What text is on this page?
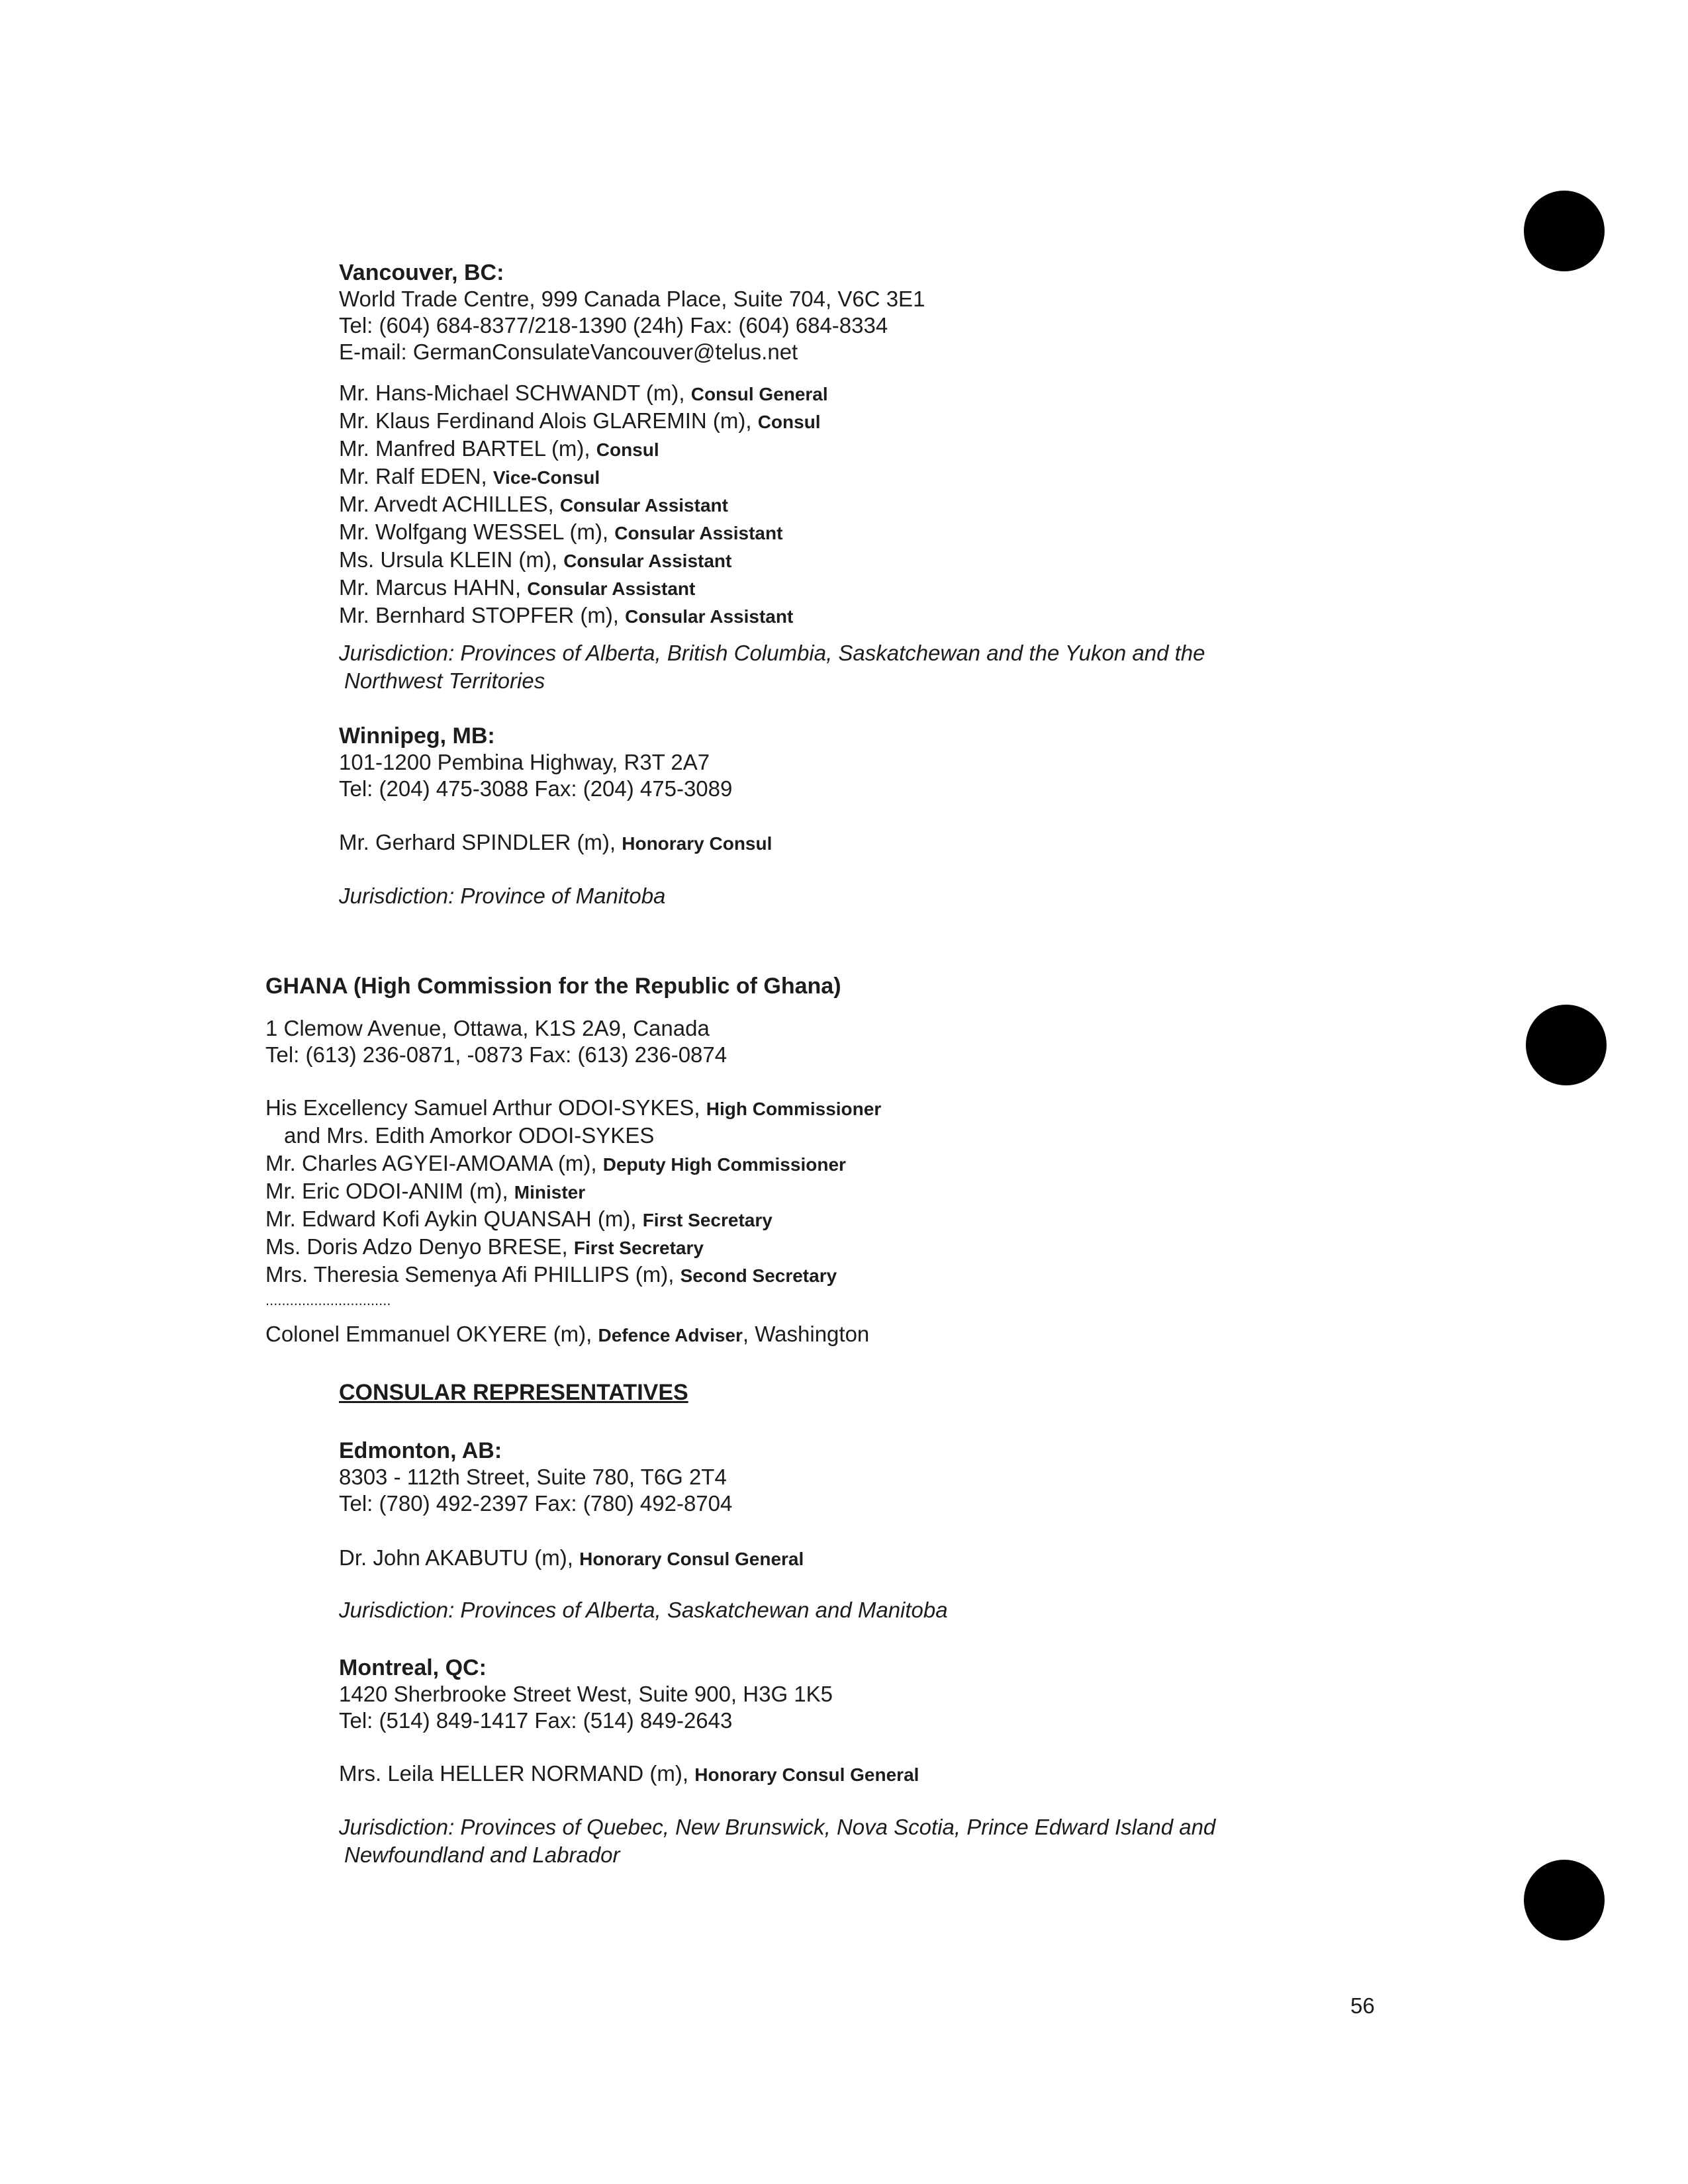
Vancouver, BC:
World Trade Centre, 999 Canada Place, Suite 704, V6C 3E1
Tel: (604) 684-8377/218-1390 (24h) Fax: (604) 684-8334
E-mail: GermanConsulateVancouver@telus.net
Mr. Hans-Michael SCHWANDT (m), Consul General
Mr. Klaus Ferdinand Alois GLAREMIN (m), Consul
Mr. Manfred BARTEL (m), Consul
Mr. Ralf EDEN, Vice-Consul
Mr. Arvedt ACHILLES, Consular Assistant
Mr. Wolfgang WESSEL (m), Consular Assistant
Ms. Ursula KLEIN (m), Consular Assistant
Mr. Marcus HAHN, Consular Assistant
Mr. Bernhard STOPFER (m), Consular Assistant
Jurisdiction: Provinces of Alberta, British Columbia, Saskatchewan and the Yukon and the
Northwest Territories
Winnipeg, MB:
101-1200 Pembina Highway, R3T 2A7
Tel: (204) 475-3088 Fax: (204) 475-3089
Mr. Gerhard SPINDLER (m), Honorary Consul
Jurisdiction: Province of Manitoba
GHANA (High Commission for the Republic of Ghana)
1 Clemow Avenue, Ottawa, K1S 2A9, Canada
Tel: (613) 236-0871, -0873 Fax: (613) 236-0874
His Excellency Samuel Arthur ODOI-SYKES, High Commissioner
and Mrs. Edith Amorkor ODOI-SYKES
Mr. Charles AGYEI-AMOAMA (m), Deputy High Commissioner
Mr. Eric ODOI-ANIM (m), Minister
Mr. Edward Kofi Aykin QUANSAH (m), First Secretary
Ms. Doris Adzo Denyo BRESE, First Secretary
Mrs. Theresia Semenya Afi PHILLIPS (m), Second Secretary
...............................
Colonel Emmanuel OKYERE (m), Defence Adviser, Washington
CONSULAR REPRESENTATIVES
Edmonton, AB:
8303 - 112th Street, Suite 780, T6G 2T4
Tel: (780) 492-2397 Fax: (780) 492-8704
Dr. John AKABUTU (m), Honorary Consul General
Jurisdiction: Provinces of Alberta, Saskatchewan and Manitoba
Montreal, QC:
1420 Sherbrooke Street West, Suite 900, H3G 1K5
Tel: (514) 849-1417 Fax: (514) 849-2643
Mrs. Leila HELLER NORMAND (m), Honorary Consul General
Jurisdiction: Provinces of Quebec, New Brunswick, Nova Scotia, Prince Edward Island and
Newfoundland and Labrador
56
